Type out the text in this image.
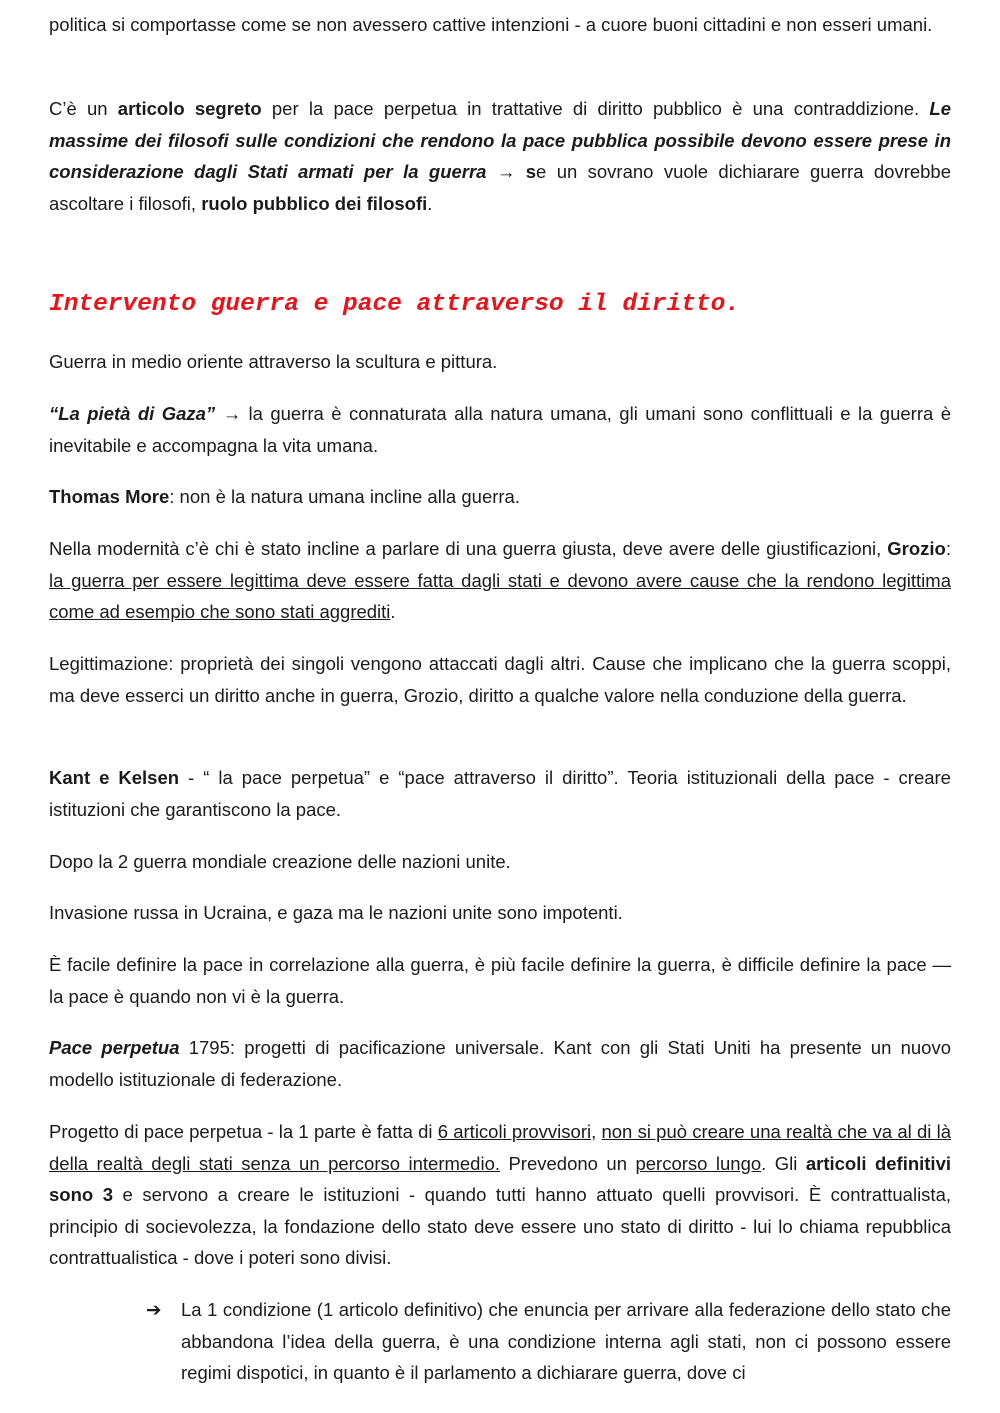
politica si comportasse come se non avessero cattive intenzioni - a cuore buoni cittadini e non esseri umani.

C’è un articolo segreto per la pace perpetua in trattative di diritto pubblico è una contraddizione. Le massime dei filosofi sulle condizioni che rendono la pace pubblica possibile devono essere prese in considerazione dagli Stati armati per la guerra → se un sovrano vuole dichiarare guerra dovrebbe ascoltare i filosofi, ruolo pubblico dei filosofi.

Intervento guerra e pace attraverso il diritto.

Guerra in medio oriente attraverso la scultura e pittura.

“La pietà di Gaza” → la guerra è connaturata alla natura umana, gli umani sono conflittuali e la guerra è inevitabile e accompagna la vita umana.

Thomas More: non è la natura umana incline alla guerra.

Nella modernità c’è chi è stato incline a parlare di una guerra giusta, deve avere delle giustificazioni, Grozio: la guerra per essere legittima deve essere fatta dagli stati e devono avere cause che la rendono legittima come ad esempio che sono stati aggrediti.

Legittimazione: proprietà dei singoli vengono attaccati dagli altri. Cause che implicano che la guerra scoppi, ma deve esserci un diritto anche in guerra, Grozio, diritto a qualche valore nella conduzione della guerra.

Kant e Kelsen - “ la pace perpetua” e “pace attraverso il diritto”. Teoria istituzionali della pace - creare istituzioni che garantiscono la pace.

Dopo la 2 guerra mondiale creazione delle nazioni unite.

Invasione russa in Ucraina, e gaza ma le nazioni unite sono impotenti.

È facile definire la pace in correlazione alla guerra, è più facile definire la guerra, è difficile definire la pace — la pace è quando non vi è la guerra.

Pace perpetua 1795: progetti di pacificazione universale. Kant con gli Stati Uniti ha presente un nuovo modello istituzionale di federazione.

Progetto di pace perpetua - la 1 parte è fatta di 6 articoli provvisori, non si può creare una realtà che va al di là della realtà degli stati senza un percorso intermedio. Prevedono un percorso lungo. Gli articoli definitivi sono 3 e servono a creare le istituzioni - quando tutti hanno attuato quelli provvisori. È contrattualista, principio di socievolezza, la fondazione dello stato deve essere uno stato di diritto - lui lo chiama repubblica contrattualistica - dove i poteri sono divisi.

➔ La 1 condizione (1 articolo definitivo) che enuncia per arrivare alla federazione dello stato che abbandona l’idea della guerra, è una condizione interna agli stati, non ci possono essere regimi dispotici, in quanto è il parlamento a dichiarare guerra, dove ci
